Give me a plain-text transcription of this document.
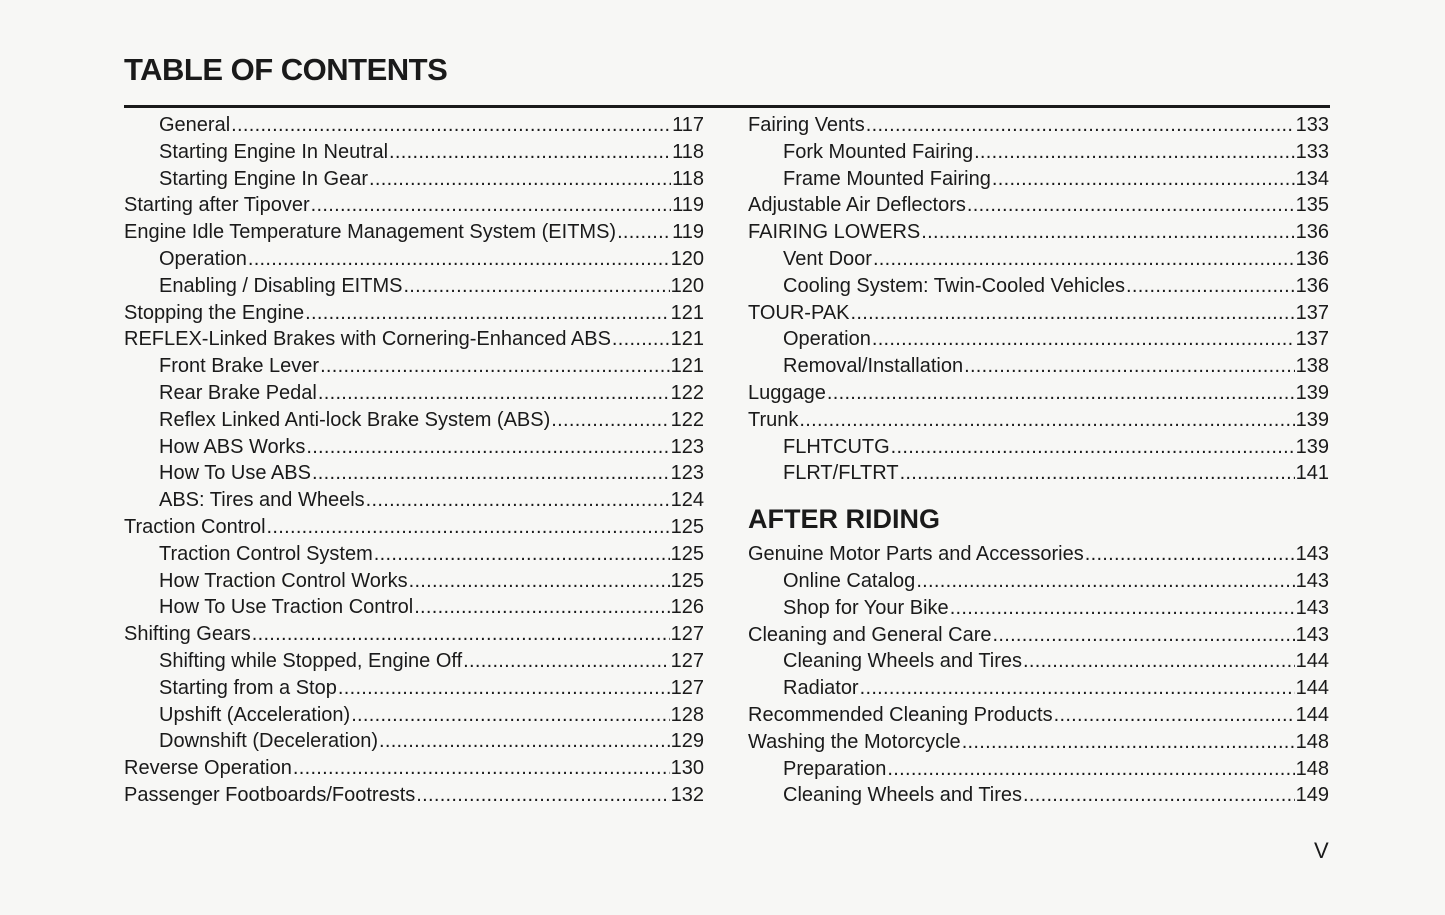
TABLE OF CONTENTS
General .....	117
Starting Engine In Neutral .....	118
Starting Engine In Gear .....	118
Starting after Tipover .....	119
Engine Idle Temperature Management System (EITMS) .....	119
Operation .....	120
Enabling / Disabling EITMS .....	120
Stopping the Engine .....	121
REFLEX-Linked Brakes with Cornering-Enhanced ABS .....	121
Front Brake Lever .....	121
Rear Brake Pedal .....	122
Reflex Linked Anti-lock Brake System (ABS) .....	122
How ABS Works .....	123
How To Use ABS .....	123
ABS: Tires and Wheels .....	124
Traction Control .....	125
Traction Control System .....	125
How Traction Control Works .....	125
How To Use Traction Control .....	126
Shifting Gears .....	127
Shifting while Stopped, Engine Off .....	127
Starting from a Stop .....	127
Upshift (Acceleration) .....	128
Downshift (Deceleration) .....	129
Reverse Operation .....	130
Passenger Footboards/Footrests .....	132
Fairing Vents .....	133
Fork Mounted Fairing .....	133
Frame Mounted Fairing .....	134
Adjustable Air Deflectors .....	135
FAIRING LOWERS .....	136
Vent Door .....	136
Cooling System: Twin-Cooled Vehicles .....	136
TOUR-PAK .....	137
Operation .....	137
Removal/Installation .....	138
Luggage .....	139
Trunk .....	139
FLHTCUTG .....	139
FLRT/FLTRT .....	141
AFTER RIDING
Genuine Motor Parts and Accessories .....	143
Online Catalog .....	143
Shop for Your Bike .....	143
Cleaning and General Care .....	143
Cleaning Wheels and Tires .....	144
Radiator .....	144
Recommended Cleaning Products .....	144
Washing the Motorcycle .....	148
Preparation .....	148
Cleaning Wheels and Tires .....	149
V
